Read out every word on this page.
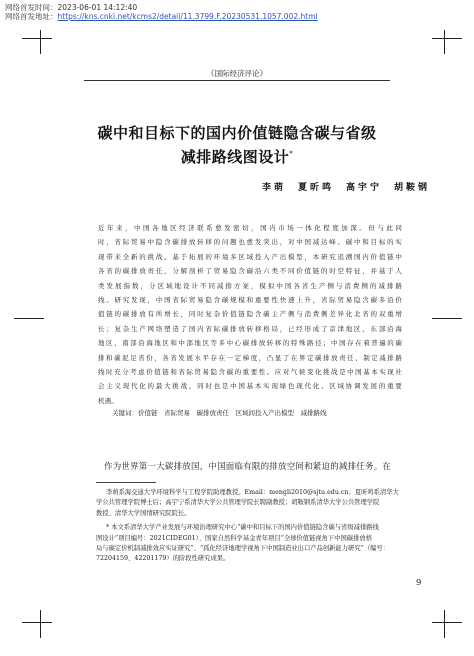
网络首发时间：2023-06-01 14:12:40
网络首发地址：https://kns.cnki.net/kcms2/detail/11.3799.F.20230531.1057.002.html
《国际经济评论》
碳中和目标下的国内价值链隐含碳与省级
减排路线图设计*
李萌　夏昕鸣　高宇宁　胡鞍钢
近年来，中国各地区经济联系愈发密切，国内市场一体化程度加深。但与此同
时，省际贸易中隐含碳排放转移的问题也愈发突出，对中国减达峰、碳中和目标的实
现带来全新的挑战。基于拓展的环境多区域投入产出模型，本研究追溯国内价值链中
各省的碳排放责任，分解剖析了贸易隐含碳沿六类不同价值链的时空特征，并基于人
类发展指数，分区域地设计不同减排方案，模拟中国各省生产侧与消费侧的减排路
线。研究发现，中国省际贸易隐含碳规模和重要性快速上升，省际贸易隐含碳多沿价
值链的碳排放有所增长，同时复杂价值链隐含碳主产侧与消费侧差异化北省的双重增
长；复杂生产网络塑造了国内省际碳排放转移格局，已经形成了京津地区、东部沿海
地区、南部沿海地区和中部地区等多中心碳排放转移的特殊路径；中国存在着普遍的碳
排和碳泥足省份，各省发展水平存在一定梯度，凸显了在界定碳排放责任、制定减排路
线时充分考虑价值链和省际贸易隐含碳的重要性。应对气候变化挑战是中国基本实现社
会主义现代化的最大挑战，同时也是中国基本实现绿色现代化、区域协调发展的重要
机遇。
关键词：价值链　省际贸易　碳排放责任　区域间投入产出模型　减排路线
作为世界第一大碳排放国，中国面临有限的排放空间和紧迫的减排任务。在
李萌系海交通大学环境科学与工程学院助理教授。Email：mengli2010@sjtu.edu.cn；夏昕鸣系清华大
学公共管理学院博士后；高宇宁系清华大学公共管理学院长聘副教授；胡鞍钢系清华大学公共管理学院
教授、清华大学国情研究院院长。
* 本文系清华大学产业发展与环境治理研究中心“碳中和目标下的国内价值链隐含碳与省级减排路线
图设计”项目编号：2021CIDEG01）、国家自然科学基金青年项目“全球价值链视角下中国碳排放格
局与碳定价机制减排效应实证研究”、“孤化经济地理学视角下中国制造业出口产品创新能力研究”（编号：
72204159、42201179）的阶段性研究成果。
9
